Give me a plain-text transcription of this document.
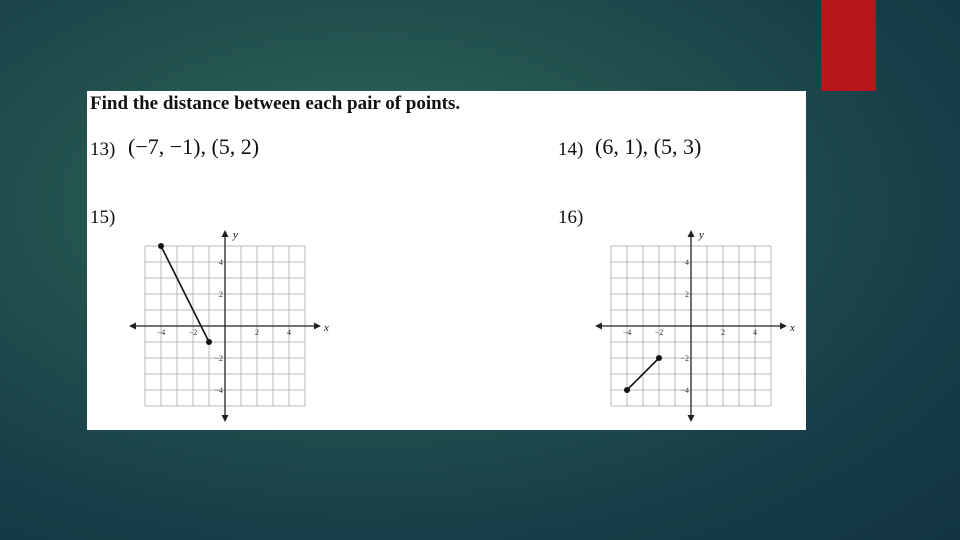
Find the distance between each pair of points.
13) (−7, −1), (5, 2)	14) (6, 1), (5, 3)
15)	16)
x
y
−4	−2	2	4
4
2
−2
−4
x
y
−4	−2	2	4
4
2
−2
−4
